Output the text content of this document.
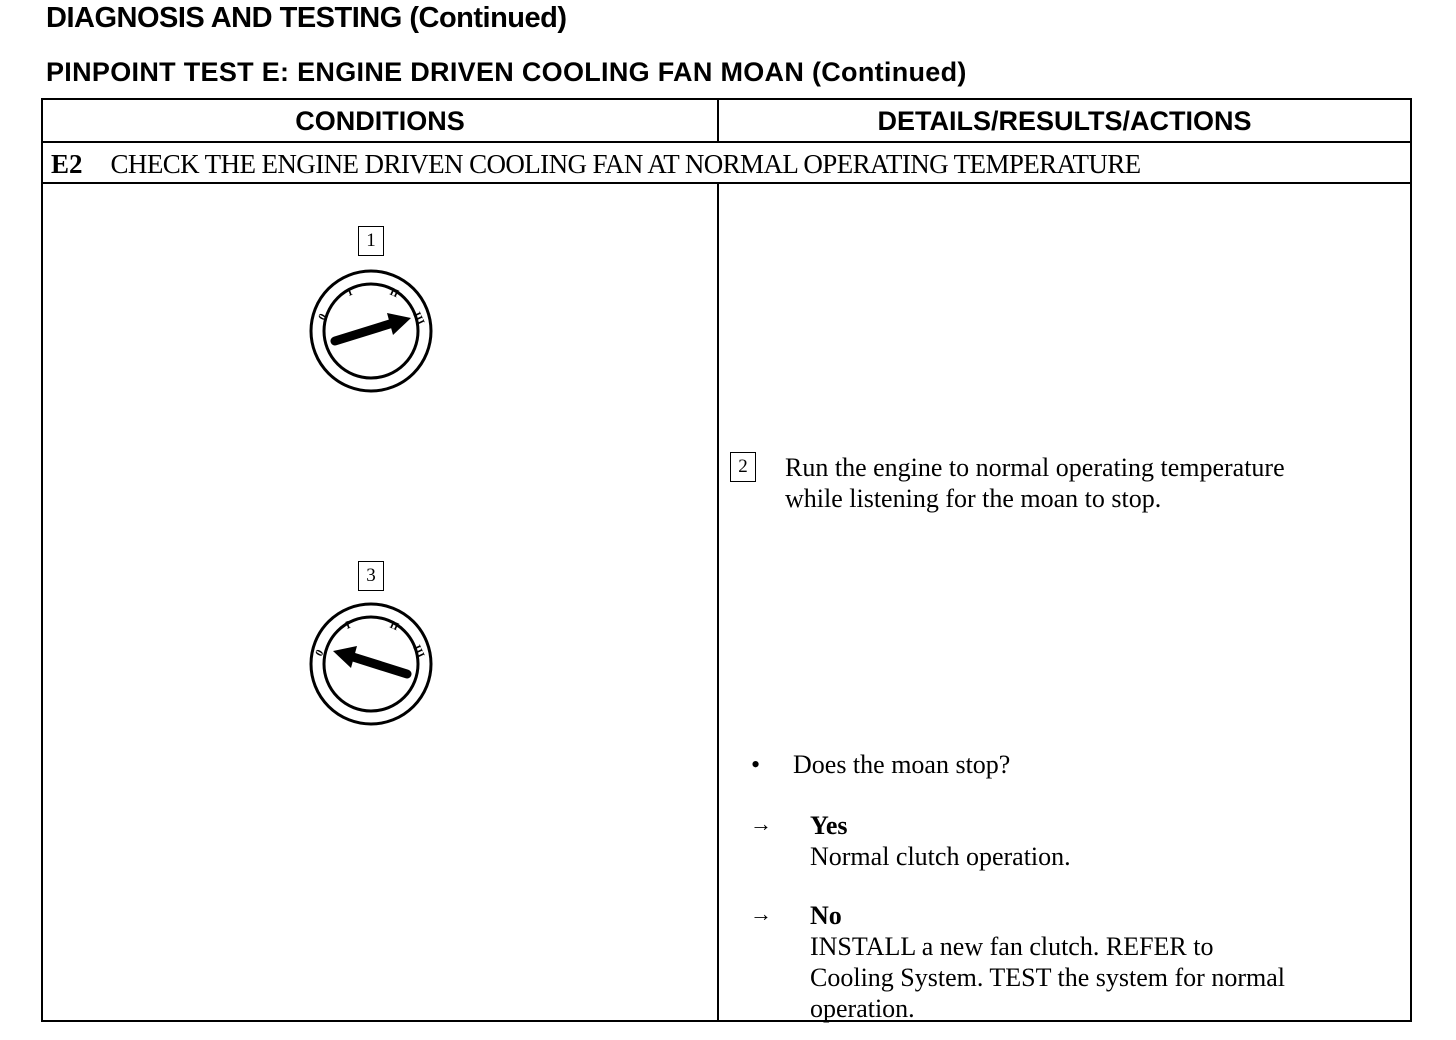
DIAGNOSIS AND TESTING (Continued)
PINPOINT TEST E: ENGINE DRIVEN COOLING FAN MOAN (Continued)
CONDITIONS	DETAILS/RESULTS/ACTIONS
E2 CHECK THE ENGINE DRIVEN COOLING FAN AT NORMAL OPERATING TEMPERATURE
1
0
I	II
III
3
0
I	II
III
2	Run the engine to normal operating temperature
while listening for the moan to stop.
• Does the moan stop?
→ Yes
Normal clutch operation.
→ No
INSTALL a new fan clutch. REFER to
Cooling System. TEST the system for normal
operation.
